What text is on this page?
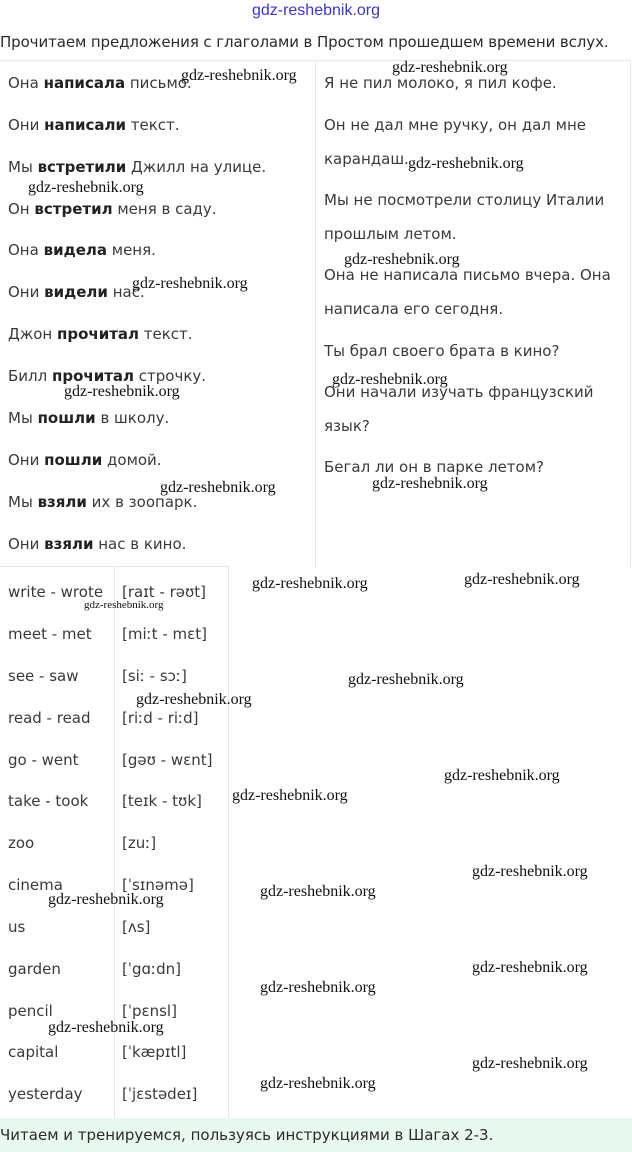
gdz-reshebnik.org
Прочитаем предложения с глаголами в Простом прошедшем времени вслух.
Она написала письмо.
Они написали текст.
Мы встретили Джилл на улице.
Он встретил меня в саду.
Она видела меня.
Они видели нас.
Джон прочитал текст.
Билл прочитал строчку.
Мы пошли в школу.
Они пошли домой.
Мы взяли их в зоопарк.
Они взяли нас в кино.
Я не пил молоко, я пил кофе.
Он не дал мне ручку, он дал мне
карандаш.
Мы не посмотрели столицу Италии
прошлым летом.
Она не написала письмо вчера. Она
написала его сегодня.
Ты брал своего брата в кино?
Они начали изучать французский
язык?
Бегал ли он в парке летом?
write - wrote [raɪt - rəʊt]
meet - met [miːt - mɛt]
see - saw	[siː - sɔː]
read - read [riːd - riːd]
go - went	[gəʊ - wɛnt]
take - took [teɪk - tʊk]
zoo	[zuː]
cinema	[ˈsɪnəmə]
us	[ʌs]
garden	[ˈgɑːdn]
pencil	[ˈpɛnsl]
capital	[ˈkæpɪtl]
yesterday	[ˈjɛstədeɪ]
Читаем и тренируемся, пользуясь инструкциями в Шагах 2-3.
gdz-reshebnik.org	gdz-reshebnik.org
gdz-reshebnik.org
gdz-reshebnik.org
gdz-reshebnik.org
gdz-reshebnik.org
gdz-reshebnik.org
gdz-reshebnik.org
gdz-reshebnik.org
gdz-reshebnik.org
gdz-reshebnik.org	gdz-reshebnik.org
gdz-reshebnik.org
gdz-reshebnik.org
gdz-reshebnik.org
gdz-reshebnik.org
gdz-reshebnik.org
gdz-reshebnik.org
gdz-reshebnik.org
gdz-reshebnik.org
gdz-reshebnik.org
gdz-reshebnik.org
gdz-reshebnik.org
gdz-reshebnik.org
gdz-reshebnik.org
